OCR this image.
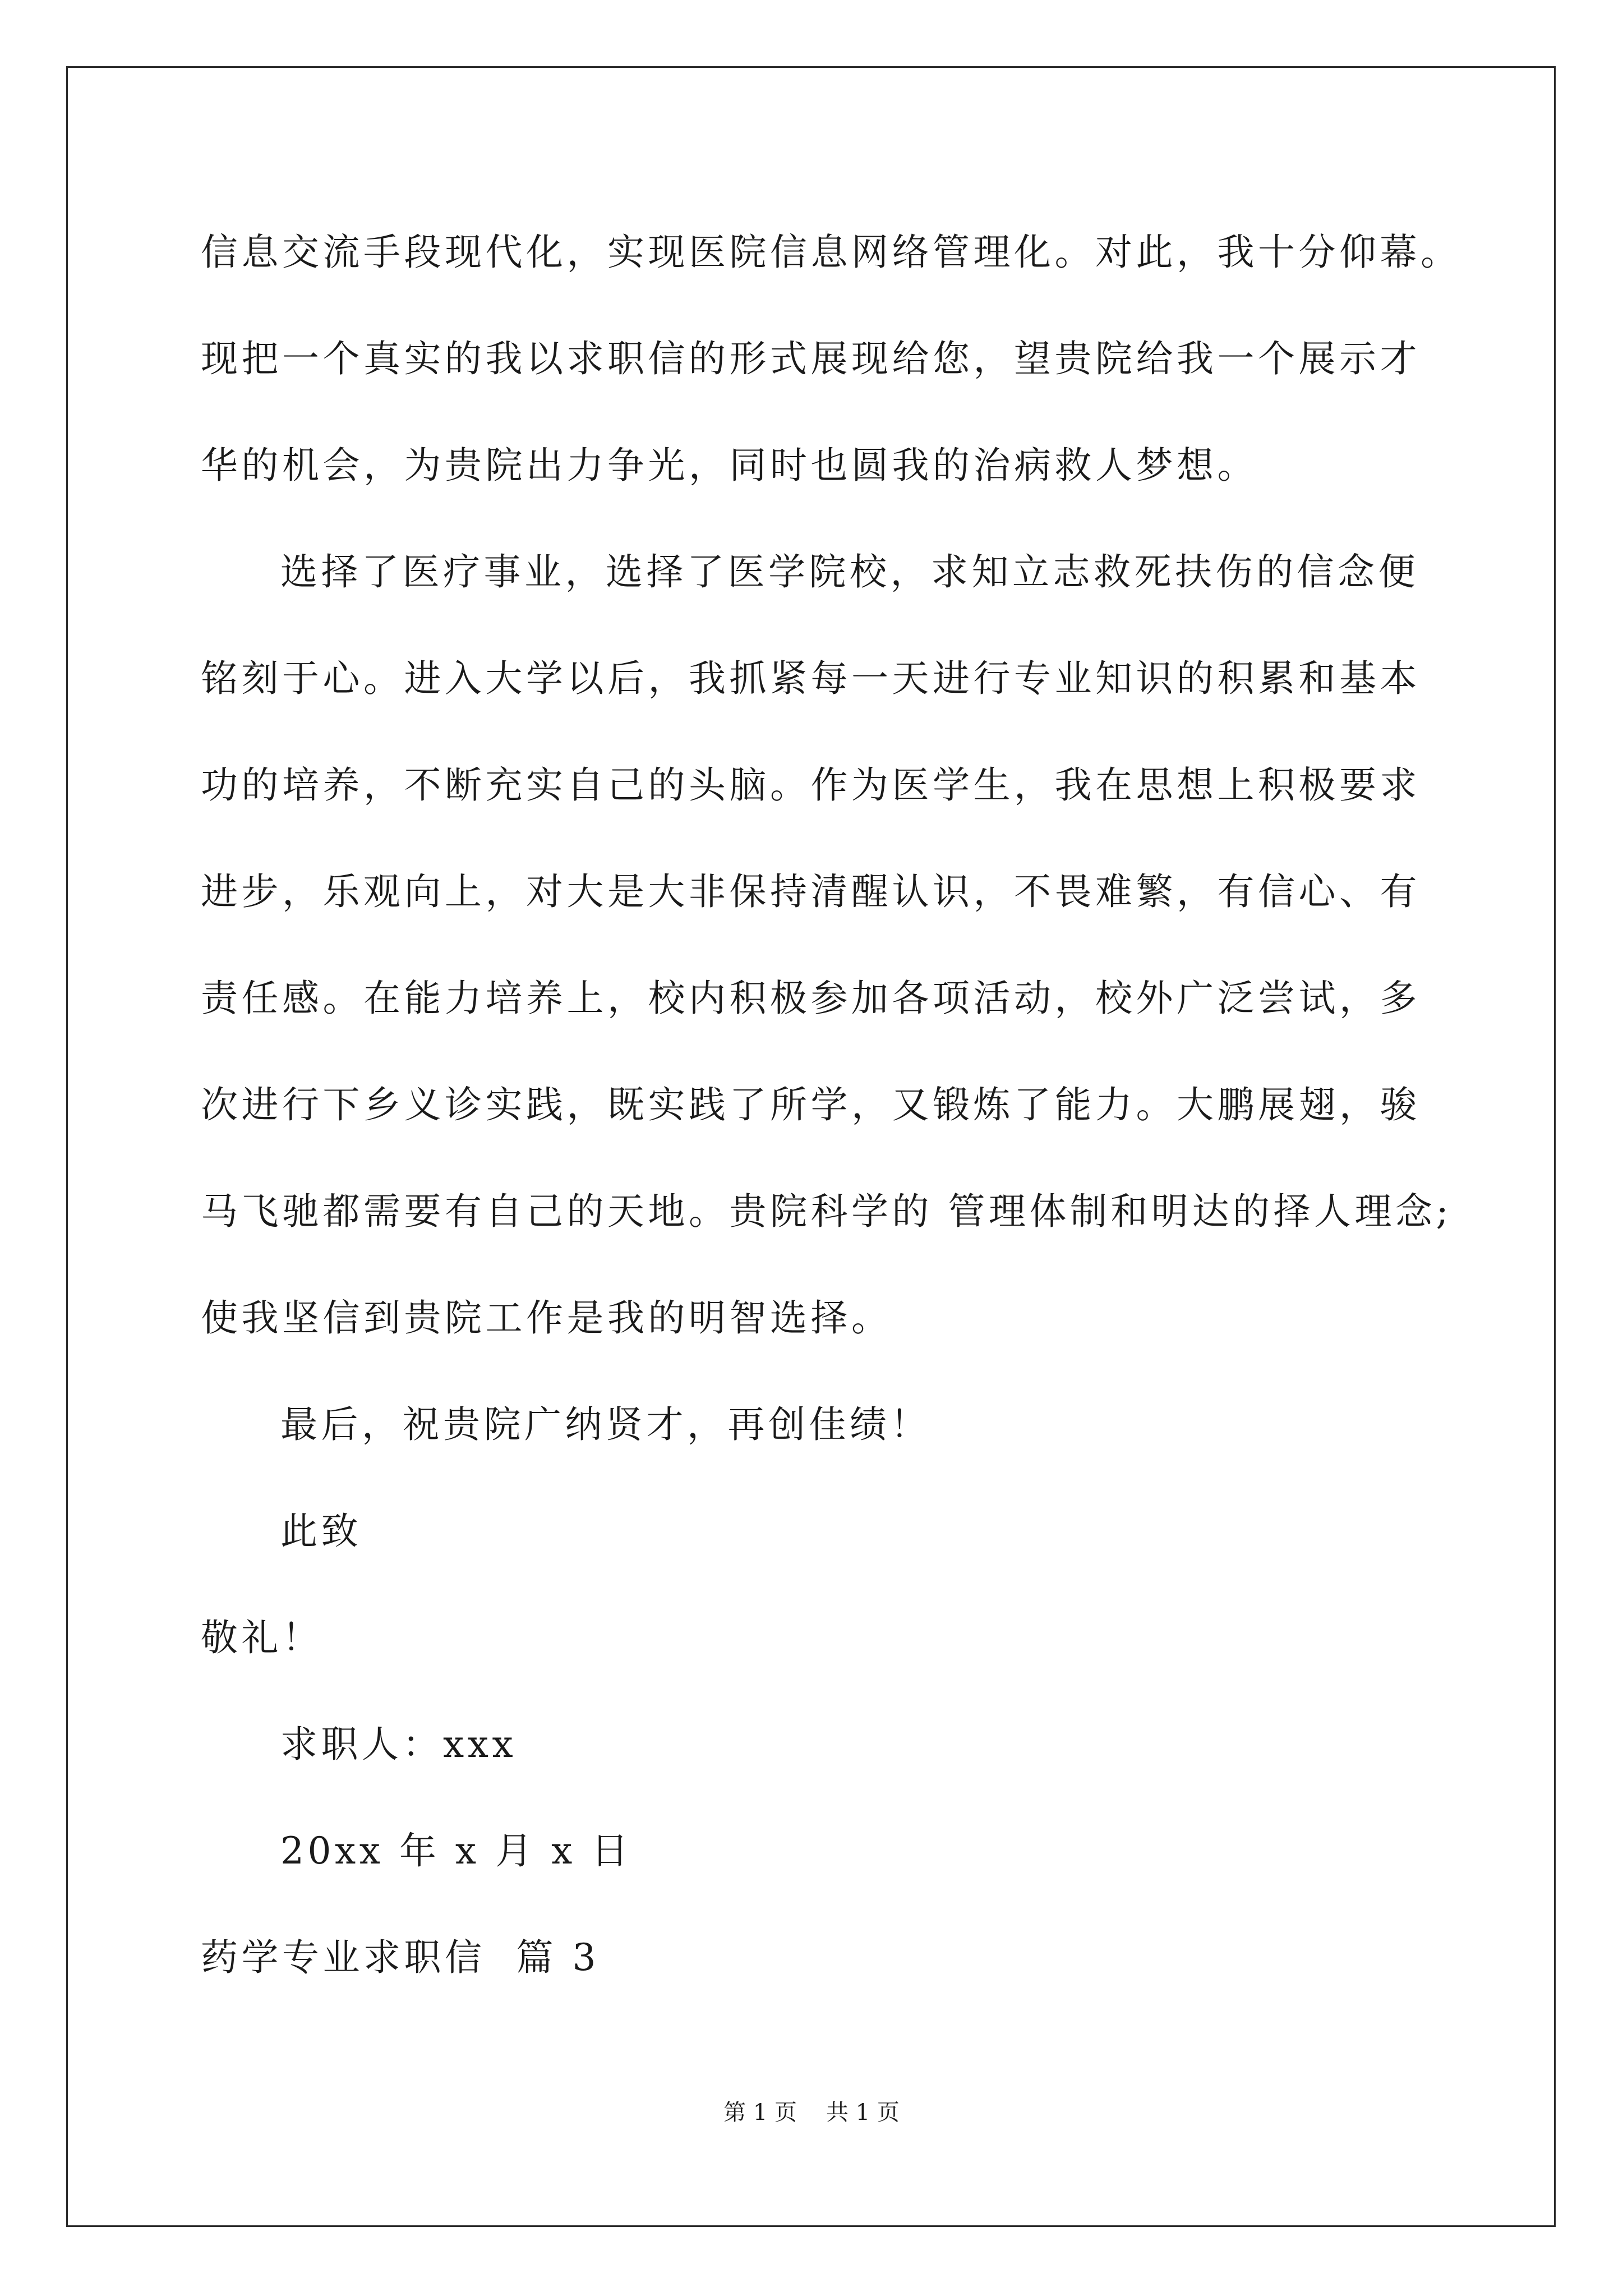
信息交流手段现代化，实现医院信息网络管理化。对此，我十分仰幕。
现把一个真实的我以求职信的形式展现给您，望贵院给我一个展示才
华的机会，为贵院出力争光，同时也圆我的治病救人梦想。
选择了医疗事业，选择了医学院校，求知立志救死扶伤的信念便
铭刻于心。进入大学以后，我抓紧每一天进行专业知识的积累和基本
功的培养，不断充实自己的头脑。作为医学生，我在思想上积极要求
进步，乐观向上，对大是大非保持清醒认识，不畏难繁，有信心、有
责任感。在能力培养上，校内积极参加各项活动，校外广泛尝试，多
次进行下乡义诊实践，既实践了所学，又锻炼了能力。大鹏展翅，骏
马飞驰都需要有自己的天地。贵院科学的 管理体制和明达的择人理念;
使我坚信到贵院工作是我的明智选择。
最后，祝贵院广纳贤才，再创佳绩！
此致
敬礼！
求职人：xxx
20xx 年 x 月 x 日
药学专业求职信  篇 3
第 1 页 共 1 页
